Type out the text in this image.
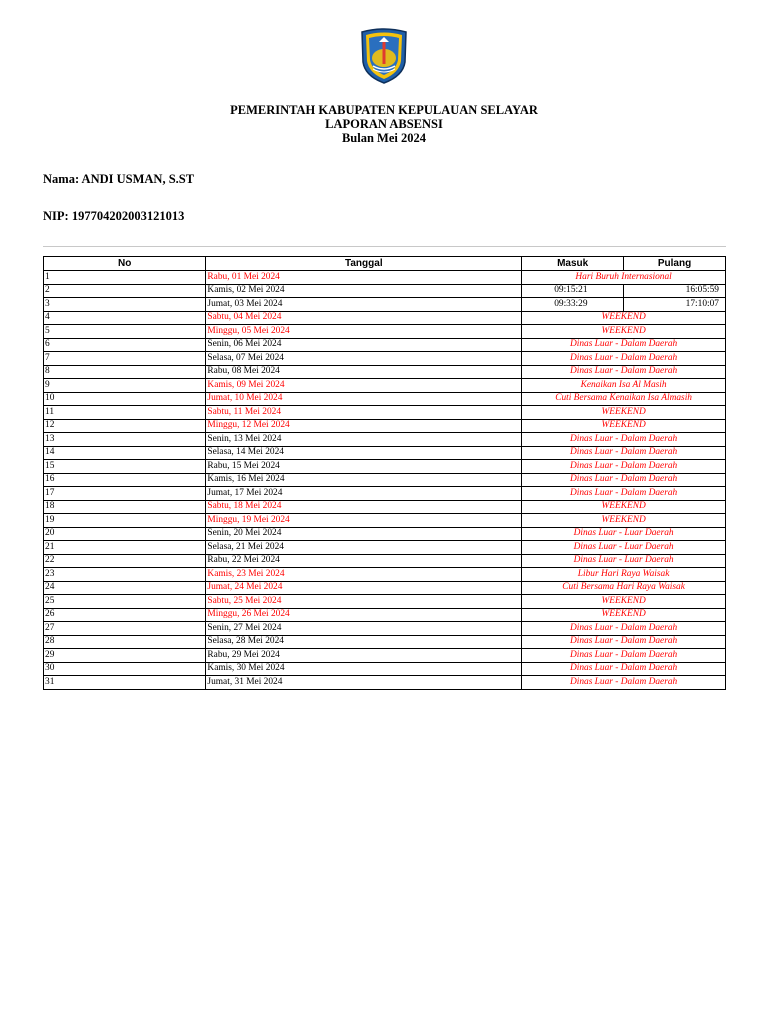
PEMERINTAH KABUPATEN KEPULAUAN SELAYAR
LAPORAN ABSENSI
Bulan Mei 2024
Nama: ANDI USMAN, S.ST
NIP: 197704202003121013
No	Tanggal	Masuk	Pulang
1	Rabu, 01 Mei 2024	Hari Buruh Internasional	
2	Kamis, 02 Mei 2024	09:15:21	16:05:59
3	Jumat, 03 Mei 2024	09:33:29	17:10:07
4	Sabtu, 04 Mei 2024	WEEKEND	
5	Minggu, 05 Mei 2024	WEEKEND	
6	Senin, 06 Mei 2024	Dinas Luar - Dalam Daerah	
7	Selasa, 07 Mei 2024	Dinas Luar - Dalam Daerah	
8	Rabu, 08 Mei 2024	Dinas Luar - Dalam Daerah	
9	Kamis, 09 Mei 2024	Kenaikan Isa Al Masih	
10	Jumat, 10 Mei 2024	Cuti Bersama Kenaikan Isa Almasih	
11	Sabtu, 11 Mei 2024	WEEKEND	
12	Minggu, 12 Mei 2024	WEEKEND	
13	Senin, 13 Mei 2024	Dinas Luar - Dalam Daerah	
14	Selasa, 14 Mei 2024	Dinas Luar - Dalam Daerah	
15	Rabu, 15 Mei 2024	Dinas Luar - Dalam Daerah	
16	Kamis, 16 Mei 2024	Dinas Luar - Dalam Daerah	
17	Jumat, 17 Mei 2024	Dinas Luar - Dalam Daerah	
18	Sabtu, 18 Mei 2024	WEEKEND	
19	Minggu, 19 Mei 2024	WEEKEND	
20	Senin, 20 Mei 2024	Dinas Luar - Luar Daerah	
21	Selasa, 21 Mei 2024	Dinas Luar - Luar Daerah	
22	Rabu, 22 Mei 2024	Dinas Luar - Luar Daerah	
23	Kamis, 23 Mei 2024	Libur Hari Raya Waisak	
24	Jumat, 24 Mei 2024	Cuti Bersama Hari Raya Waisak	
25	Sabtu, 25 Mei 2024	WEEKEND	
26	Minggu, 26 Mei 2024	WEEKEND	
27	Senin, 27 Mei 2024	Dinas Luar - Dalam Daerah	
28	Selasa, 28 Mei 2024	Dinas Luar - Dalam Daerah	
29	Rabu, 29 Mei 2024	Dinas Luar - Dalam Daerah	
30	Kamis, 30 Mei 2024	Dinas Luar - Dalam Daerah	
31	Jumat, 31 Mei 2024	Dinas Luar - Dalam Daerah	
